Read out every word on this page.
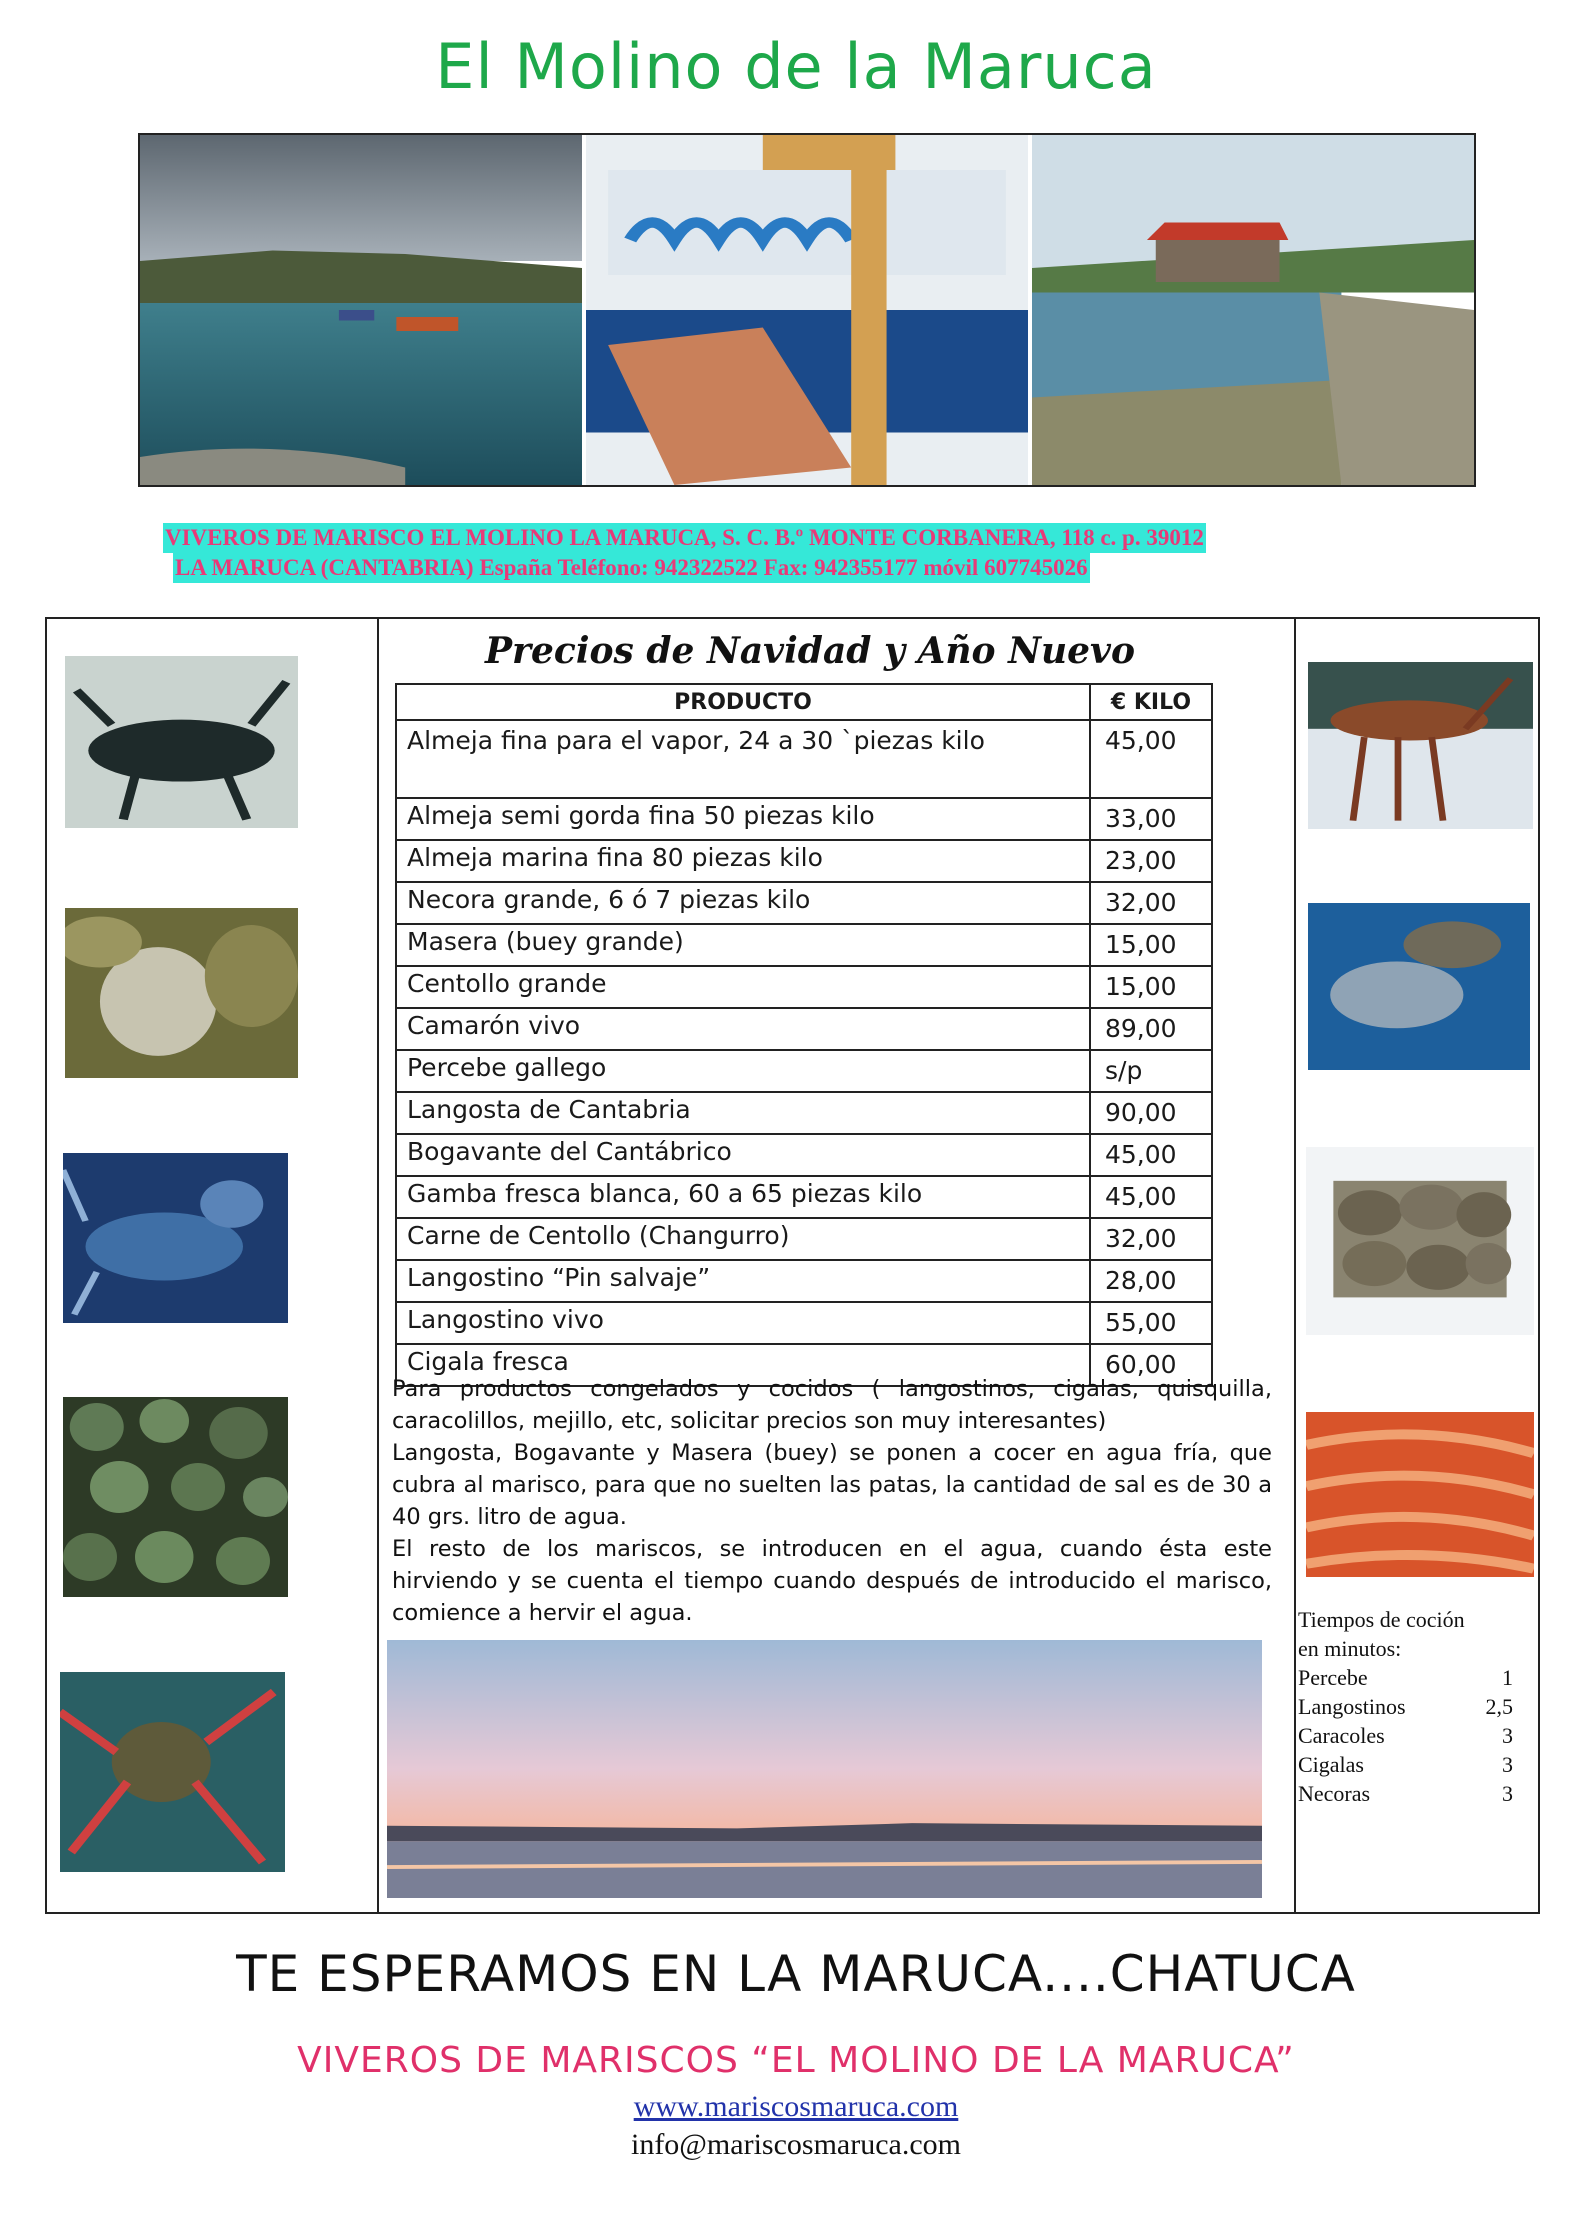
El Molino de la Maruca
VIVEROS DE MARISCO EL MOLINO LA MARUCA, S. C. B.º MONTE CORBANERA, 118 c. p. 39012
LA MARUCA (CANTABRIA) España Teléfono: 942322522 Fax: 942355177 móvil 607745026
Precios de Navidad y Año Nuevo
PRODUCTO	€ KILO
Almeja fina para el vapor, 24 a 30 `piezas kilo	45,00
Almeja semi gorda fina 50 piezas kilo	33,00
Almeja marina fina 80 piezas kilo	23,00
Necora grande, 6 ó 7 piezas kilo	32,00
Masera (buey grande)	15,00
Centollo grande	15,00
Camarón vivo	89,00
Percebe gallego	s/p
Langosta de Cantabria	90,00
Bogavante del Cantábrico	45,00
Gamba fresca blanca, 60 a 65 piezas kilo	45,00
Carne de Centollo (Changurro)	32,00
Langostino “Pin salvaje”	28,00
Langostino vivo	55,00
Cigala fresca	60,00

Para productos congelados y cocidos ( langostinos, cigalas, quisquilla, caracolillos, mejillo, etc, solicitar precios son muy interesantes)

Langosta, Bogavante y Masera (buey) se ponen a cocer en agua fría, que cubra al marisco, para que no suelten las patas, la cantidad de sal es de 30 a 40 grs. litro de agua.

El resto de los mariscos, se introducen en el agua, cuando ésta este hirviendo y se cuenta el tiempo cuando después de introducido el marisco, comience a hervir el agua.	Tiempos de coción
en minutos:
Percebe	1
Langostinos	2,5
Caracoles	3
Cigalas	3
Necoras	3
TE ESPERAMOS EN LA MARUCA....CHATUCA
VIVEROS DE MARISCOS “EL MOLINO DE LA MARUCA”
www.mariscosmaruca.com
info@mariscosmaruca.com
